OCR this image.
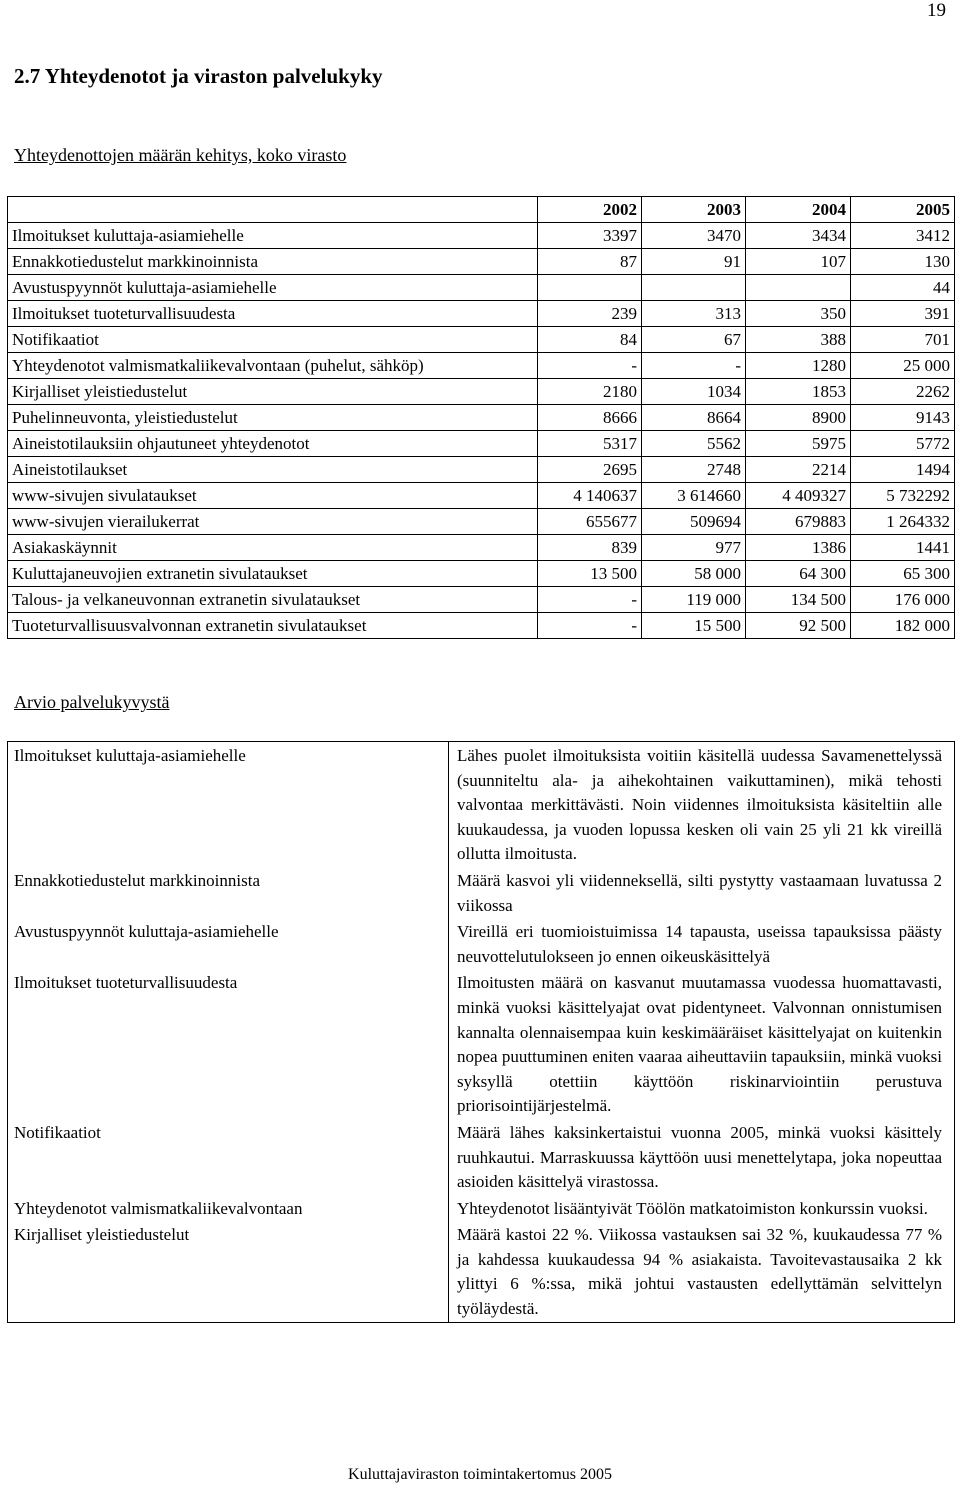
19
2.7 Yhteydenotot ja viraston palvelukyky
Yhteydenottojen määrän kehitys, koko virasto
	2002	2003	2004	2005
Ilmoitukset kuluttaja-asiamiehelle	3397	3470	3434	3412
Ennakkotiedustelut markkinoinnista	87	91	107	130
Avustuspyynnöt kuluttaja-asiamiehelle				44
Ilmoitukset tuoteturvallisuudesta	239	313	350	391
Notifikaatiot	84	67	388	701
Yhteydenotot valmismatkaliikevalvontaan (puhelut, sähköp)	-	-	1280	25 000
Kirjalliset yleistiedustelut	2180	1034	1853	2262
Puhelinneuvonta, yleistiedustelut	8666	8664	8900	9143
Aineistotilauksiin ohjautuneet yhteydenotot	5317	5562	5975	5772
Aineistotilaukset	2695	2748	2214	1494
www-sivujen sivulataukset	4 140637	3 614660	4 409327	5 732292
www-sivujen vierailukerrat	655677	509694	679883	1 264332
Asiakaskäynnit	839	977	1386	1441
Kuluttajaneuvojien extranetin sivulataukset	13 500	58 000	64 300	65 300
Talous- ja velkaneuvonnan extranetin sivulataukset	-	119 000	134 500	176 000
Tuoteturvallisuusvalvonnan extranetin sivulataukset	-	15 500	92 500	182 000
Arvio palvelukyvystä
Ilmoitukset kuluttaja-asiamiehelle	Lähes puolet ilmoituksista voitiin käsitellä uudessa Savamenettelyssä (suunniteltu ala- ja aihekohtainen vaikuttaminen), mikä tehosti valvontaa merkittävästi. Noin viidennes ilmoituksista käsiteltiin alle kuukaudessa, ja vuoden lopussa kesken oli vain 25 yli 21 kk vireillä ollutta ilmoitusta.
Ennakkotiedustelut markkinoinnista	Määrä kasvoi yli viidenneksellä, silti pystytty vastaamaan luvatussa 2 viikossa
Avustuspyynnöt kuluttaja-asiamiehelle	Vireillä eri tuomioistuimissa 14 tapausta, useissa tapauksissa päästy neuvottelutulokseen jo ennen oikeuskäsittelyä
Ilmoitukset tuoteturvallisuudesta	Ilmoitusten määrä on kasvanut muutamassa vuodessa huomattavasti, minkä vuoksi käsittelyajat ovat pidentyneet. Valvonnan onnistumisen kannalta olennaisempaa kuin keskimääräiset käsittelyajat on kuitenkin nopea puuttuminen eniten vaaraa aiheuttaviin tapauksiin, minkä vuoksi syksyllä otettiin käyttöön riskinarviointiin perustuva priorisointijärjestelmä.
Notifikaatiot	Määrä lähes kaksinkertaistui vuonna 2005, minkä vuoksi käsittely ruuhkautui. Marraskuussa käyttöön uusi menettelytapa, joka nopeuttaa asioiden käsittelyä virastossa.
Yhteydenotot valmismatkaliikevalvontaan	Yhteydenotot lisääntyivät Töölön matkatoimiston konkurssin vuoksi.
Kirjalliset yleistiedustelut	Määrä kastoi 22 %. Viikossa vastauksen sai 32 %, kuukaudessa 77 % ja kahdessa kuukaudessa 94 % asiakaista. Tavoitevastausaika 2 kk ylittyi 6 %:ssa, mikä johtui vastausten edellyttämän selvittelyn työläydestä.
Kuluttajaviraston toimintakertomus 2005
